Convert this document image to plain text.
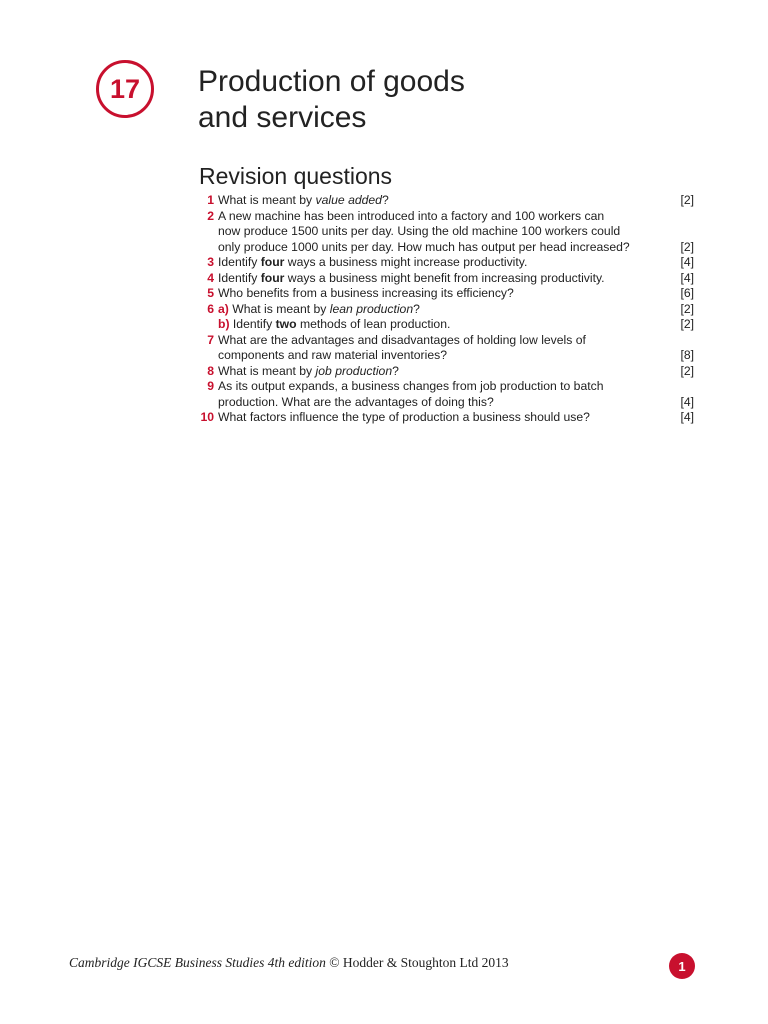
17 Production of goods
and services
Revision questions
1 What is meant by value added?	[2]
2 A new machine has been introduced into a factory and 100 workers can
now produce 1500 units per day. Using the old machine 100 workers could
only produce 1000 units per day. How much has output per head increased?	[2]
3 Identify four ways a business might increase productivity.	[4]
4 Identify four ways a business might benefit from increasing productivity.	[4]
5 Who benefits from a business increasing its efficiency?	[6]
6 a) What is meant by lean production?	[2]
b) Identify two methods of lean production.	[2]
7 What are the advantages and disadvantages of holding low levels of
components and raw material inventories?	[8]
8 What is meant by job production?	[2]
9 As its output expands, a business changes from job production to batch
production. What are the advantages of doing this?	[4]
10 What factors influence the type of production a business should use?	[4]
Cambridge IGCSE Business Studies 4th edition © Hodder & Stoughton Ltd 2013	1
